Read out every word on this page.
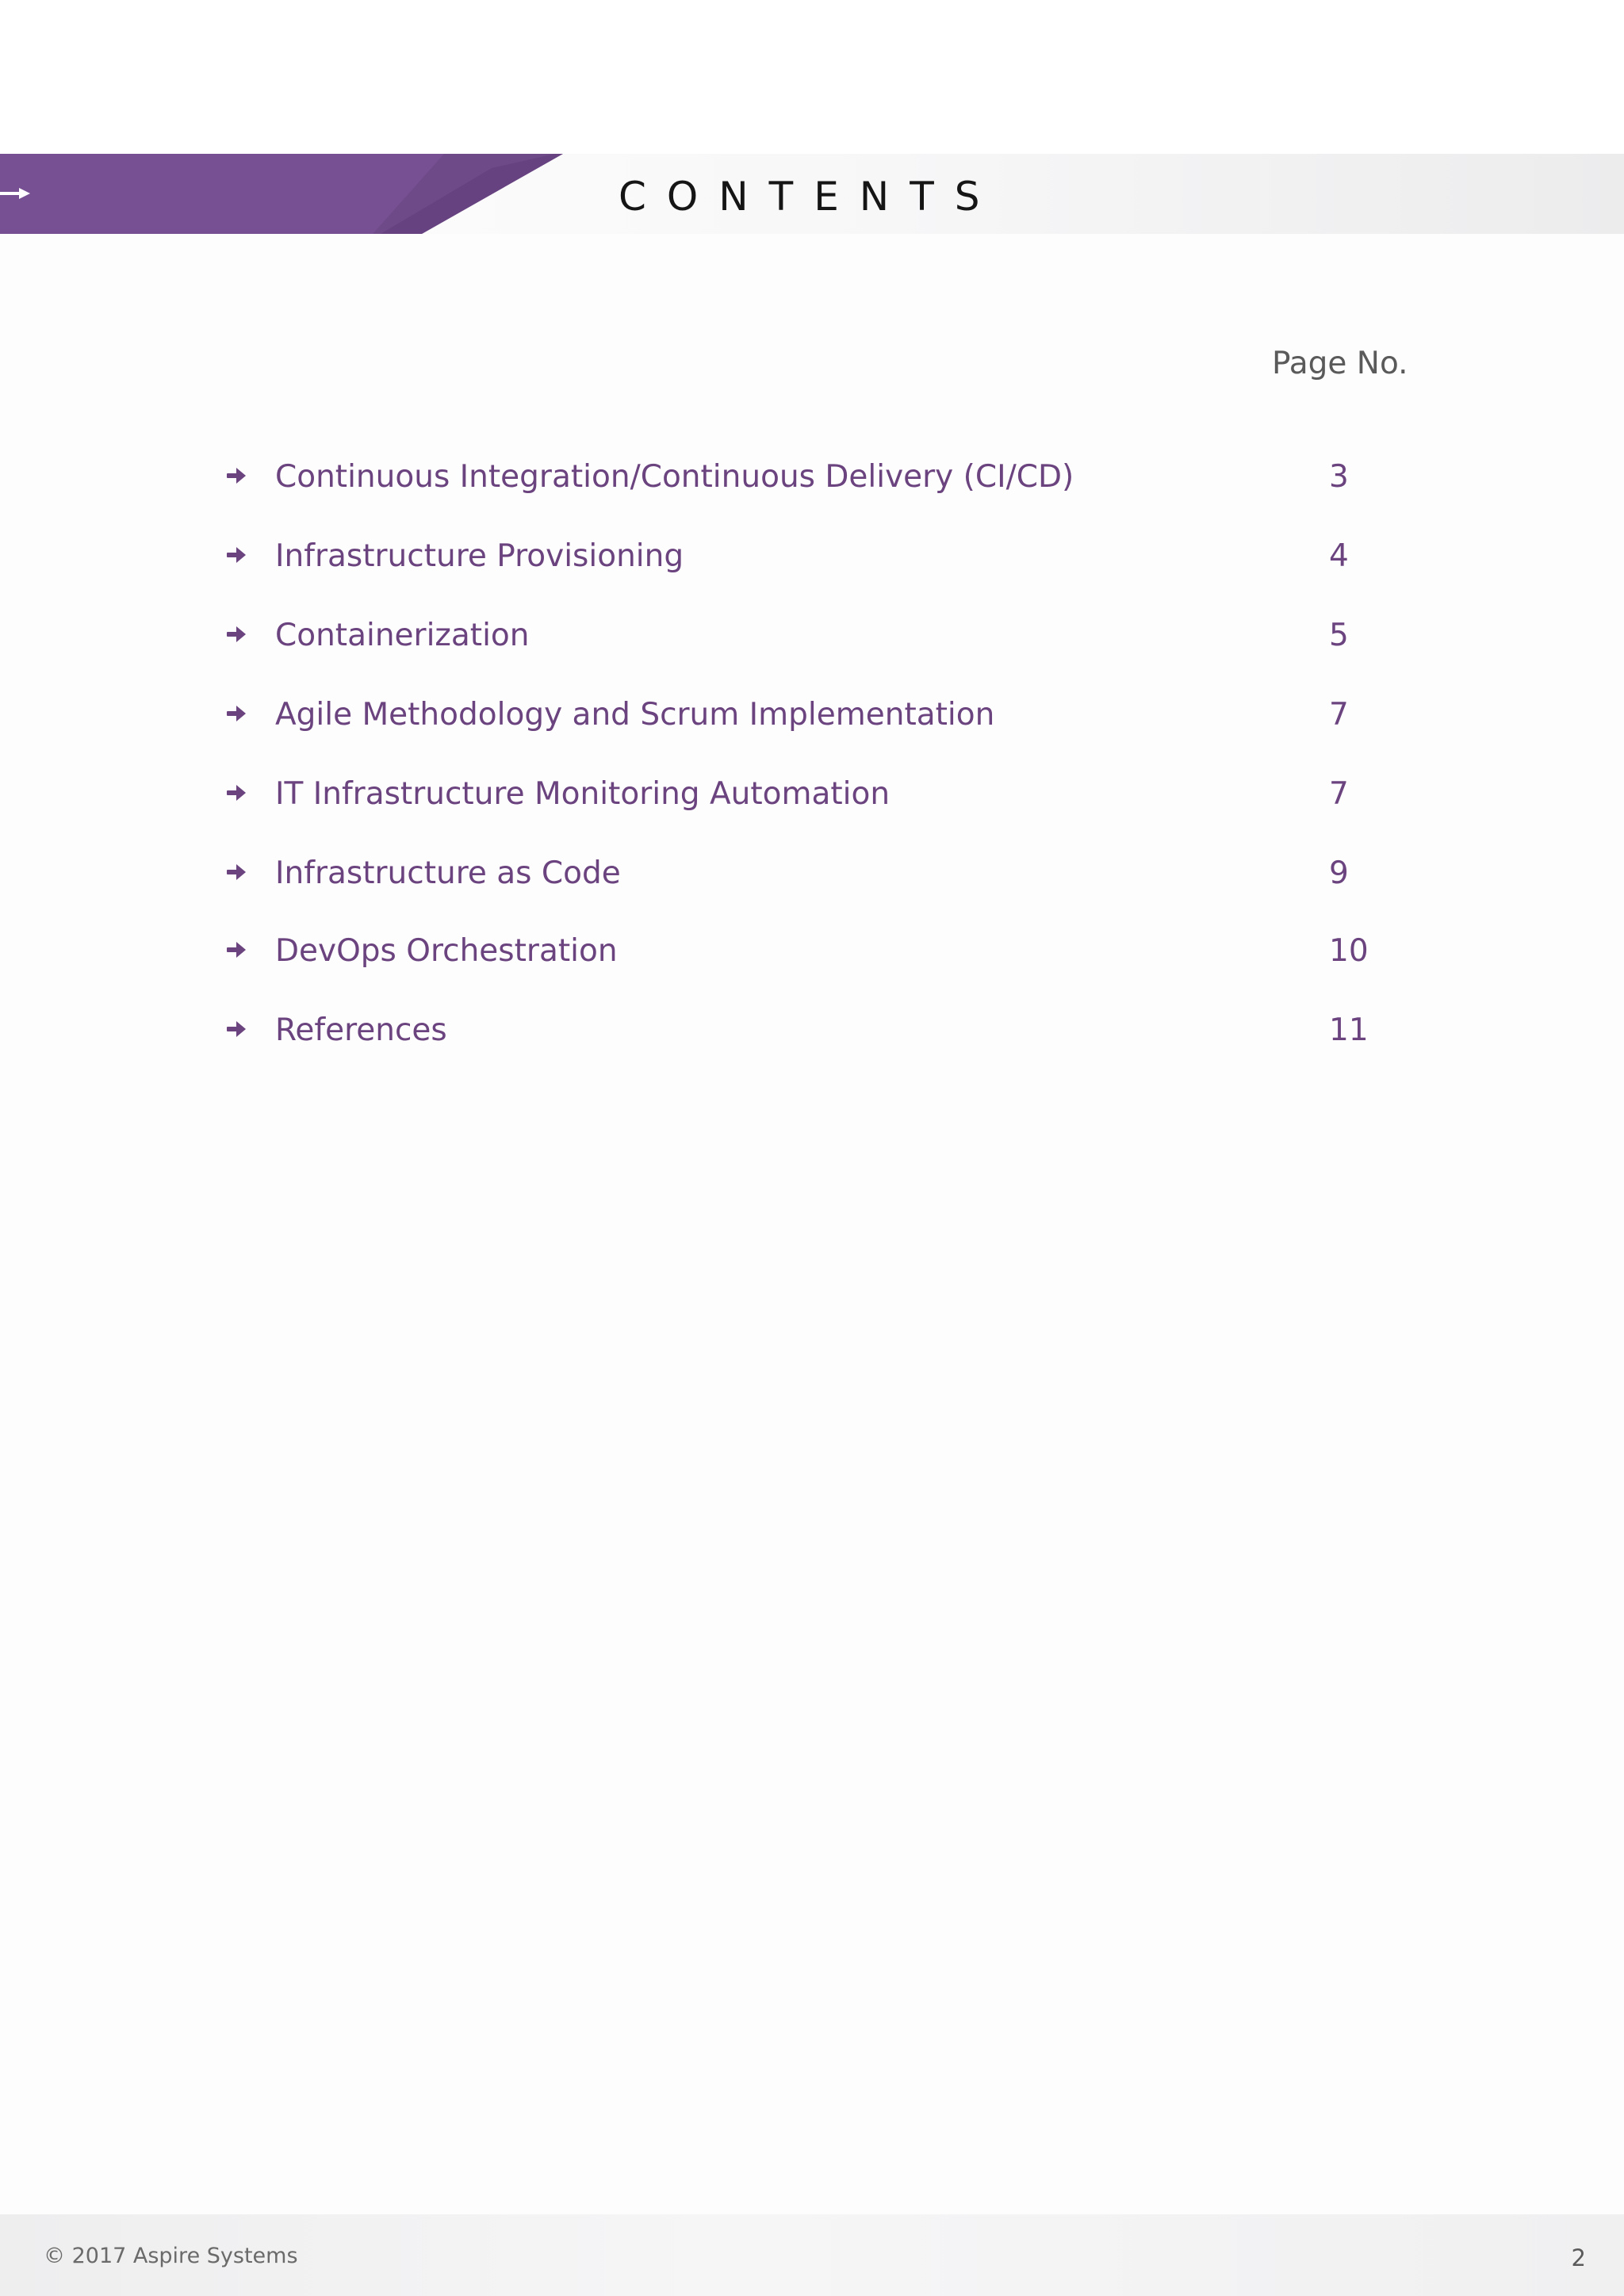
CONTENTS
Page No.
Continuous Integration/Continuous Delivery (CI/CD)	3
Infrastructure Provisioning	4
Containerization	5
Agile Methodology and Scrum Implementation	7
IT Infrastructure Monitoring Automation	7
Infrastructure as Code	9
DevOps Orchestration	10
References	11
© 2017 Aspire Systems	2
